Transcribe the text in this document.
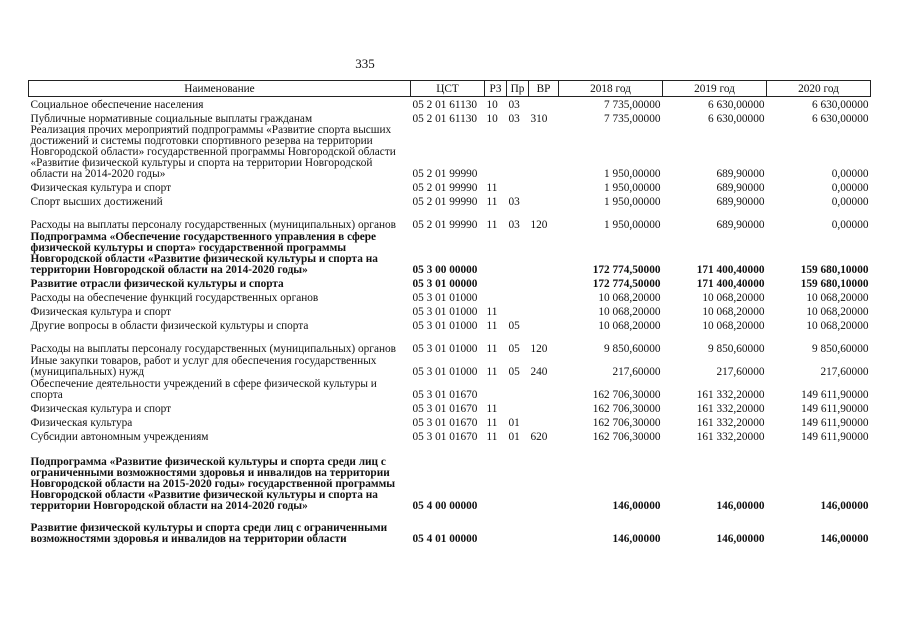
335
Наименование	ЦСТ	РЗ	Пр	ВР	2018 год	2019 год	2020 год
Социальное обеспечение населения	05 2 01 61130	10	03		7 735,00000	6 630,00000	6 630,00000
Публичные нормативные социальные выплаты гражданам	05 2 01 61130	10	03	310	7 735,00000	6 630,00000	6 630,00000
Реализация прочих мероприятий подпрограммы «Развитие спорта высших достижений и системы подготовки спортивного резерва на территории Новгородской области» государственной программы Новгородской области «Развитие физической культуры и спорта на территории Новгородской области на 2014-2020 годы»	05 2 01 99990				1 950,00000	689,90000	0,00000
Физическая культура и спорт	05 2 01 99990	11			1 950,00000	689,90000	0,00000
Спорт высших достижений	05 2 01 99990	11	03		1 950,00000	689,90000	0,00000
Расходы на выплаты персоналу государственных (муниципальных) органов	05 2 01 99990	11	03	120	1 950,00000	689,90000	0,00000
Подпрограмма «Обеспечение государственного управления в сфере физической культуры и спорта» государственной программы Новгородской области «Развитие физической культуры и спорта на территории Новгородской области на 2014-2020 годы»	05 3 00 00000				172 774,50000	171 400,40000	159 680,10000
Развитие отрасли физической культуры и спорта	05 3 01 00000				172 774,50000	171 400,40000	159 680,10000
Расходы на обеспечение функций государственных органов	05 3 01 01000				10 068,20000	10 068,20000	10 068,20000
Физическая культура и спорт	05 3 01 01000	11			10 068,20000	10 068,20000	10 068,20000
Другие вопросы в области физической культуры и спорта	05 3 01 01000	11	05		10 068,20000	10 068,20000	10 068,20000
Расходы на выплаты персоналу государственных (муниципальных) органов	05 3 01 01000	11	05	120	9 850,60000	9 850,60000	9 850,60000
Иные закупки товаров, работ и услуг для обеспечения государственных (муниципальных) нужд	05 3 01 01000	11	05	240	217,60000	217,60000	217,60000
Обеспечение деятельности учреждений в сфере физической культуры и спорта	05 3 01 01670				162 706,30000	161 332,20000	149 611,90000
Физическая культура и спорт	05 3 01 01670	11			162 706,30000	161 332,20000	149 611,90000
Физическая культура	05 3 01 01670	11	01		162 706,30000	161 332,20000	149 611,90000
Субсидии автономным учреждениям	05 3 01 01670	11	01	620	162 706,30000	161 332,20000	149 611,90000
Подпрограмма «Развитие физической культуры и спорта среди лиц с ограниченными возможностями здоровья и инвалидов на территории Новгородской области на 2015-2020 годы» государственной программы Новгородской области «Развитие физической культуры и спорта на территории Новгородской области на 2014-2020 годы»	05 4 00 00000				146,00000	146,00000	146,00000
Развитие физической культуры и спорта среди лиц с ограниченными возможностями здоровья и инвалидов на территории области	05 4 01 00000				146,00000	146,00000	146,00000
